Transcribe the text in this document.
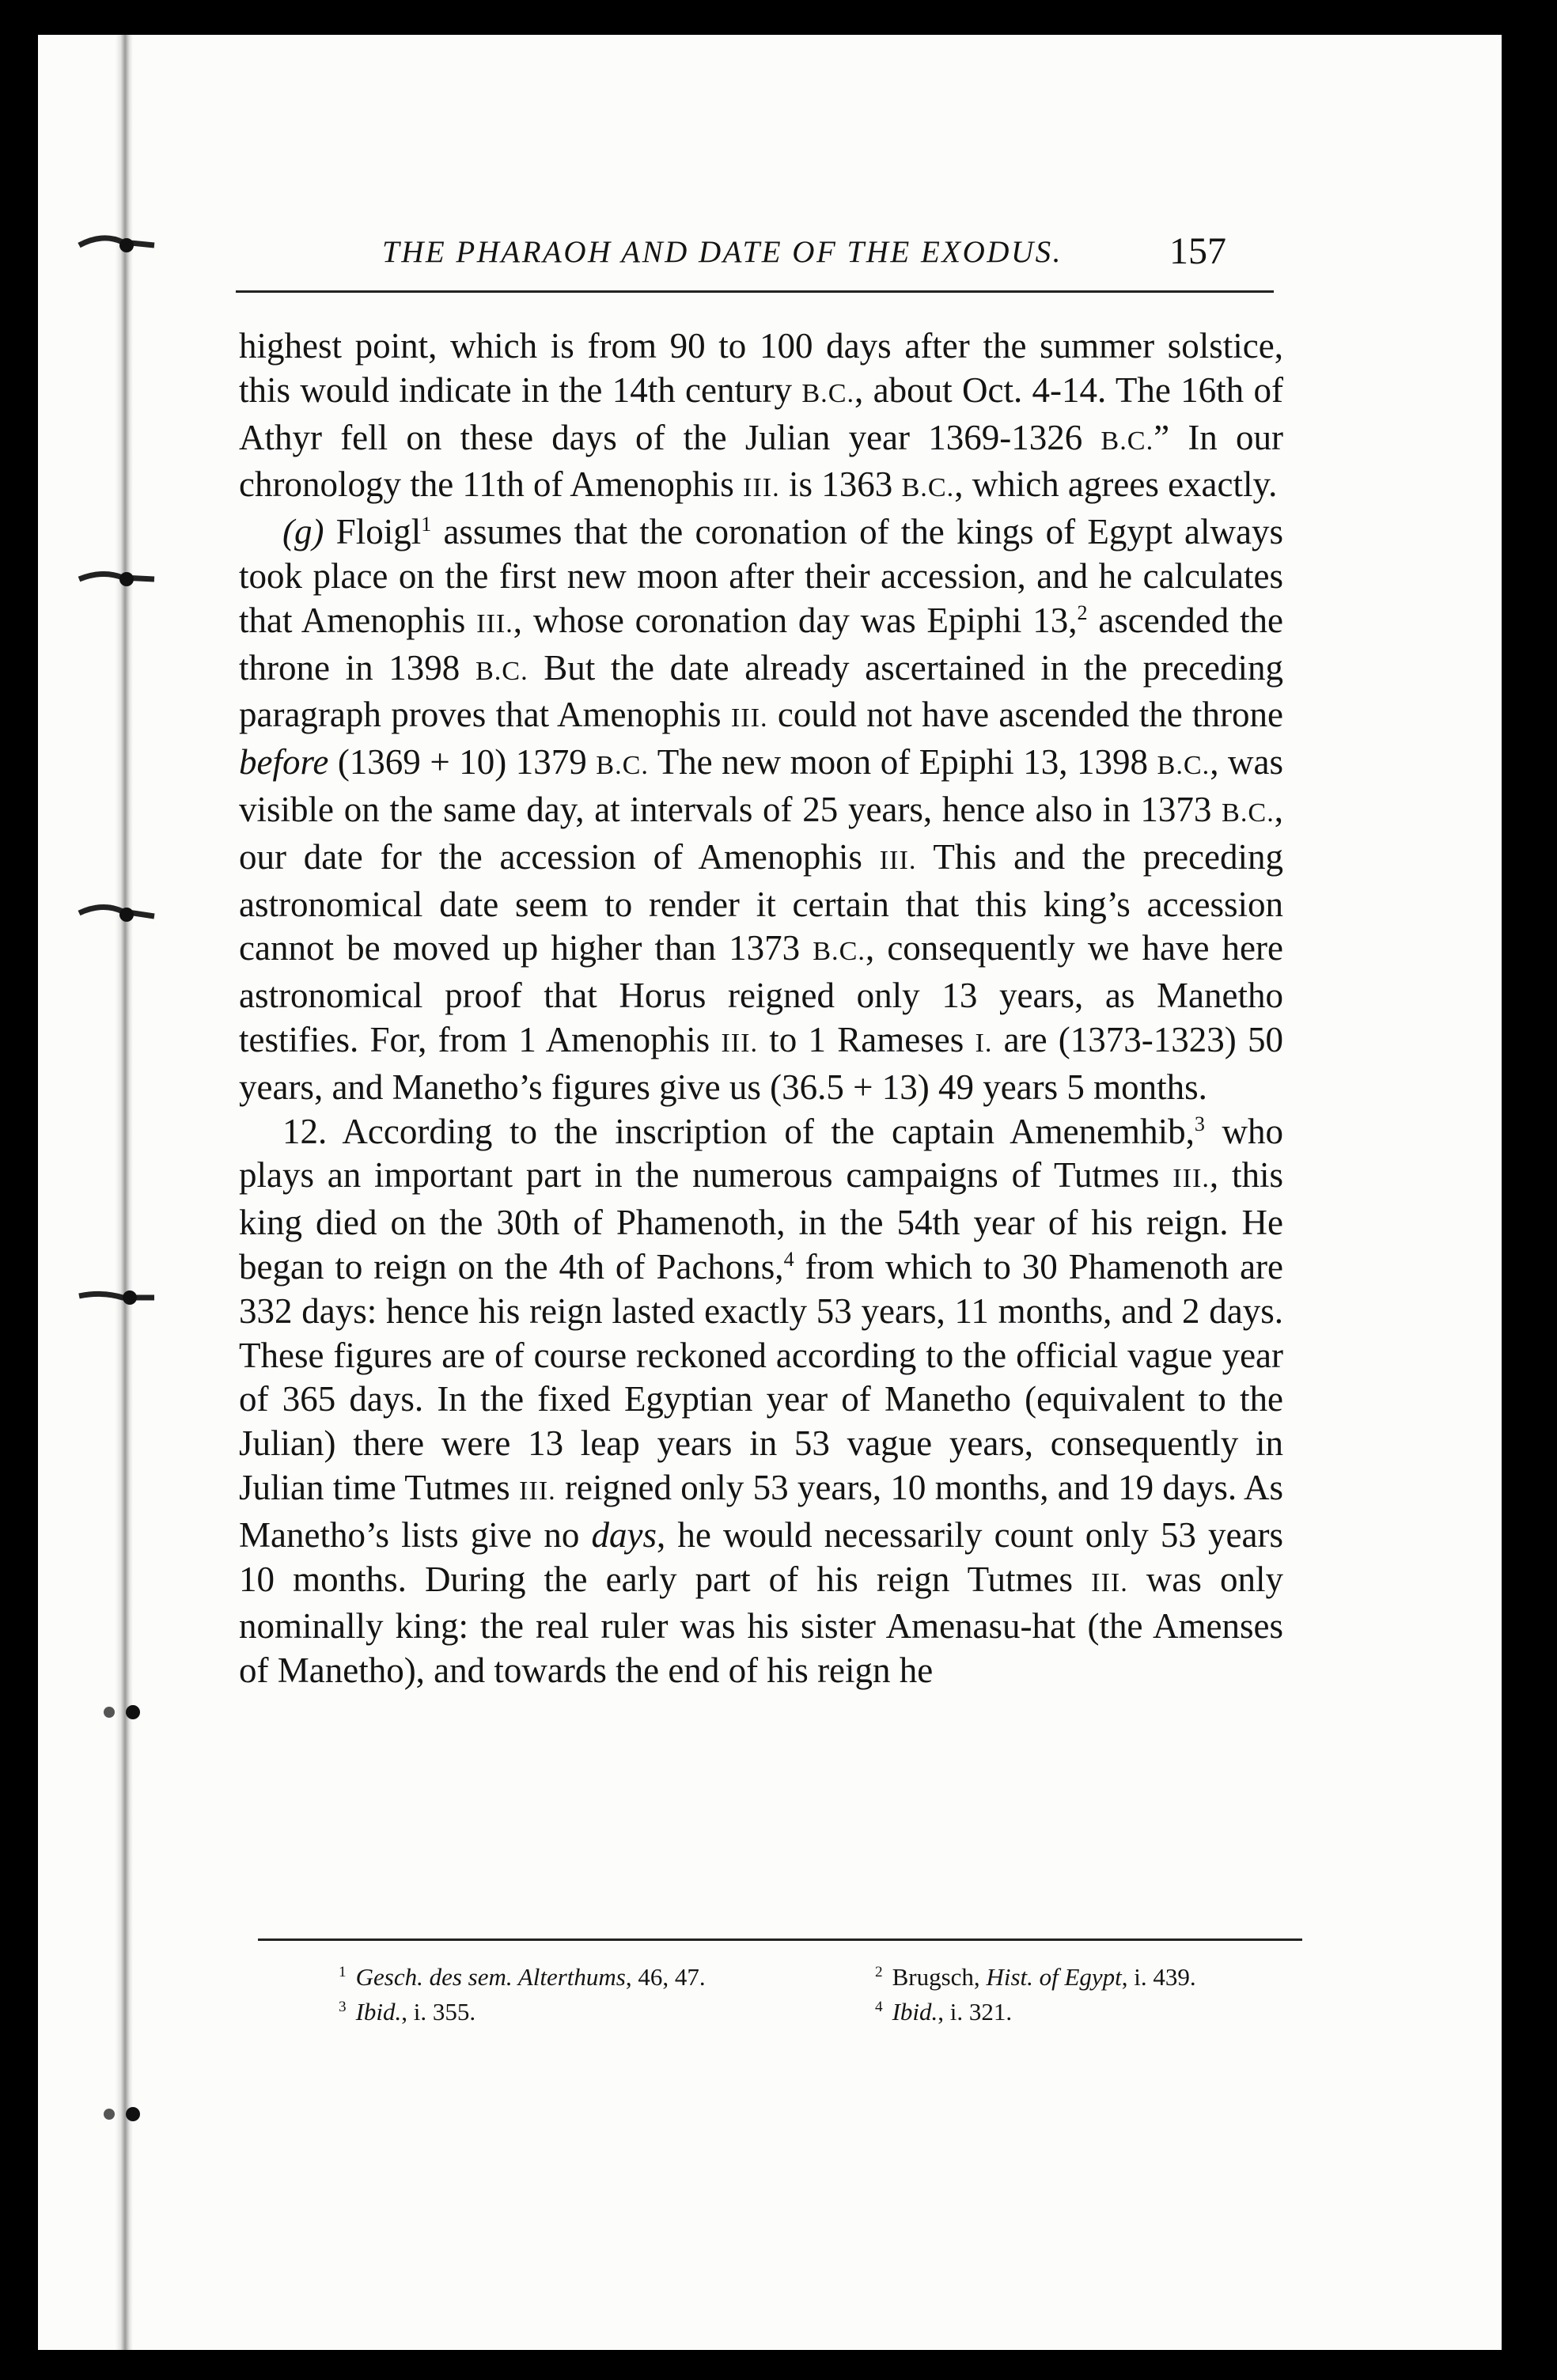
THE PHARAOH AND DATE OF THE EXODUS.	157

highest point, which is from 90 to 100 days after the summer solstice, this would indicate in the 14th century B.C., about Oct. 4-14. The 16th of Athyr fell on these days of the Julian year 1369-1326 B.C.” In our chronology the 11th of Amenophis III. is 1363 B.C., which agrees exactly.

(g) Floigl$^1$ assumes that the coronation of the kings of Egypt always took place on the first new moon after their accession, and he calculates that Amenophis III., whose coronation day was Epiphi 13,$^2$ ascended the throne in 1398 B.C. But the date already ascertained in the preceding paragraph proves that Amenophis III. could not have ascended the throne before (1369 + 10) 1379 B.C. The new moon of Epiphi 13, 1398 B.C., was visible on the same day, at intervals of 25 years, hence also in 1373 B.C., our date for the accession of Amenophis III. This and the preceding astronomical date seem to render it certain that this king’s accession cannot be moved up higher than 1373 B.C., consequently we have here astronomical proof that Horus reigned only 13 years, as Manetho testifies. For, from 1 Amenophis III. to 1 Rameses I. are (1373-1323) 50 years, and Manetho’s figures give us (36.5 + 13) 49 years 5 months.

12. According to the inscription of the captain Amenemhib,$^3$ who plays an important part in the numerous campaigns of Tutmes III., this king died on the 30th of Phamenoth, in the 54th year of his reign. He began to reign on the 4th of Pachons,$^4$ from which to 30 Phamenoth are 332 days: hence his reign lasted exactly 53 years, 11 months, and 2 days. These figures are of course reckoned according to the official vague year of 365 days. In the fixed Egyptian year of Manetho (equivalent to the Julian) there were 13 leap years in 53 vague years, consequently in Julian time Tutmes III. reigned only 53 years, 10 months, and 19 days. As Manetho’s lists give no days, he would necessarily count only 53 years 10 months. During the early part of his reign Tutmes III. was only nominally king: the real ruler was his sister Amenasu-hat (the Amenses of Manetho), and towards the end of his reign he

$^1$ Gesch. des sem. Alterthums, 46, 47.	$^2$ Brugsch, Hist. of Egypt, i. 439.
$^3$ Ibid., i. 355.	$^4$ Ibid., i. 321.
